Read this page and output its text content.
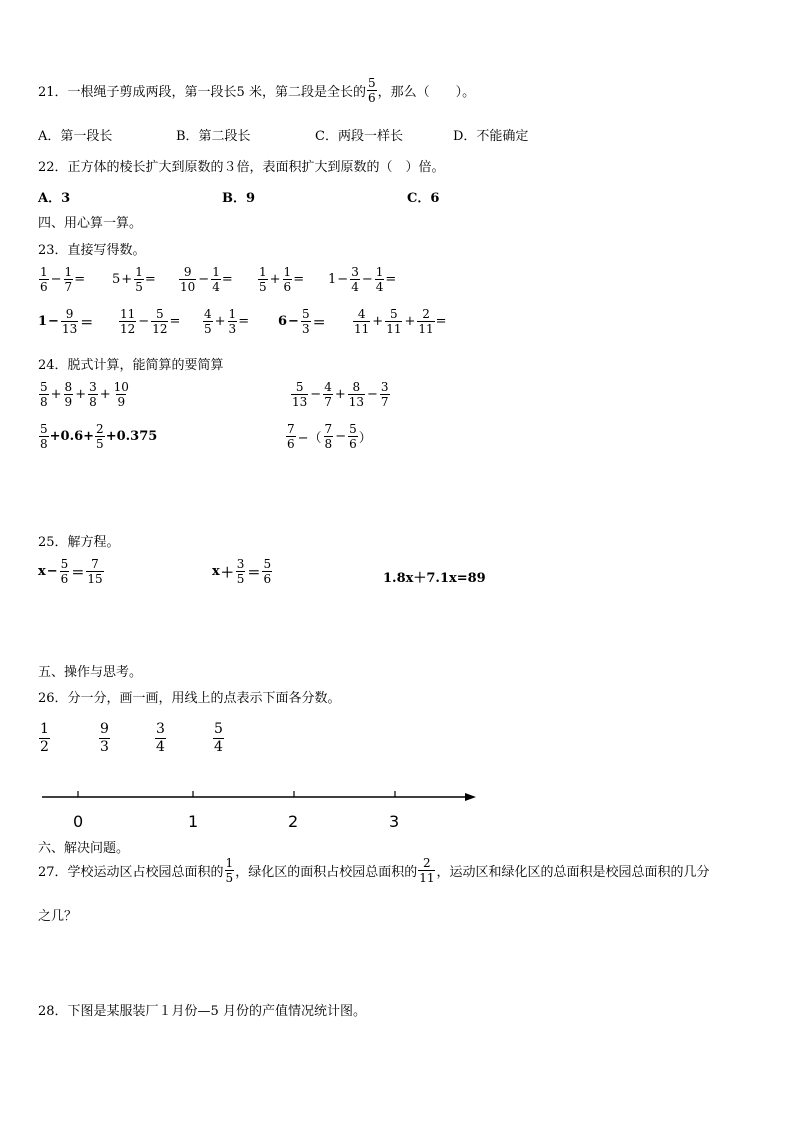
21． 一根绳子剪成两段，第一段长5 米，第二段是全长的 $\frac{5}{6}$ ，那么（　　）。
A．第一段长	B．第二段长	C．两段一样长	D．不能确定
22．正方体的棱长扩大到原数的３倍，表面积扩大到原数的（　）倍。
A．3	B．9	C．6
四、用心算一算。
23．直接写得数。
$\frac{1}{6} - \frac{1}{7} = 5 + \frac{1}{5} = \frac{9}{10} - \frac{1}{4} = \frac{1}{5} + \frac{1}{6} = 1 - \frac{3}{4} - \frac{1}{4}$ =
$1 - \frac{9}{13} = \frac{11}{12} - \frac{5}{12} = \frac{4}{5} + \frac{1}{3} = 6 - \frac{5}{3} = \frac{4}{11} + \frac{5}{11} + \frac{2}{11}$ =
24．脱式计算，能简算的要简算
$\frac{5}{8} + \frac{8}{9} + \frac{3}{8} + \frac{10}{9}$	$\frac{5}{13} - \frac{4}{7} + \frac{8}{13} - \frac{3}{7}$
$\frac{5}{8} +0.6+ \frac{2}{5} +0.375$	$\frac{7}{6}$ −（ $\frac{7}{8} - \frac{5}{6}$ ）
25．解方程。
$x - \frac{5}{6} = \frac{7}{15}$	$x + \frac{3}{5} = \frac{5}{6}$	1.8x＋7.1x=89
五、操作与思考。
26．分一分，画一画，用线上的点表示下面各分数。
$\frac{1}{2}$	$\frac{9}{3}$	$\frac{3}{4}$	$\frac{5}{4}$
0	1	2	3
六、解决问题。
27．学校运动区占校园总面积的 $\frac{1}{5}$ ，绿化区的面积占校园总面积的 $\frac{2}{11}$ ，运动区和绿化区的总面积是校园总面积的几分
之几？
28．下图是某服装厂１月份—5 月份的产值情况统计图。
